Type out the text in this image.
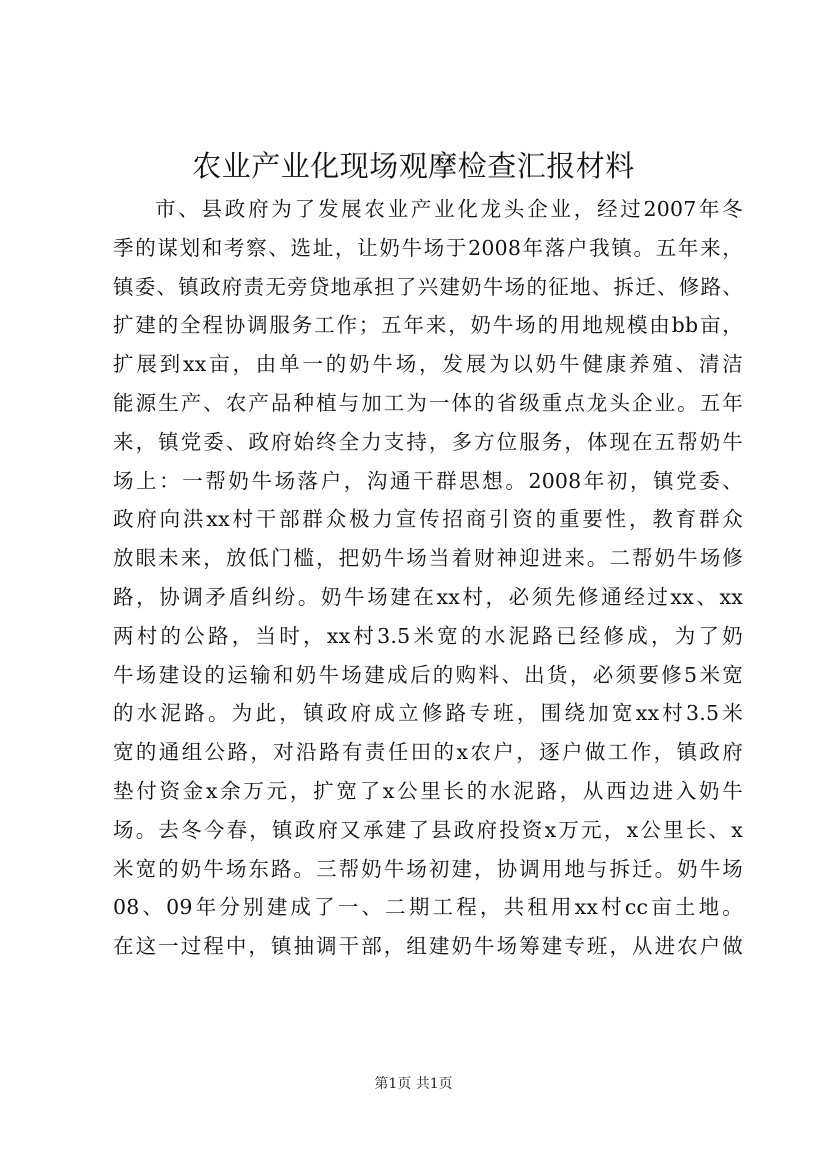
农业产业化现场观摩检查汇报材料
市、县政府为了发展农业产业化龙头企业，经过2007年冬
季的谋划和考察、选址，让奶牛场于2008年落户我镇。五年来，
镇委、镇政府责无旁贷地承担了兴建奶牛场的征地、拆迁、修路、
扩建的全程协调服务工作；五年来，奶牛场的用地规模由bb亩，
扩展到xx亩，由单一的奶牛场，发展为以奶牛健康养殖、清洁
能源生产、农产品种植与加工为一体的省级重点龙头企业。五年
来，镇党委、政府始终全力支持，多方位服务，体现在五帮奶牛
场上：一帮奶牛场落户，沟通干群思想。2008年初，镇党委、
政府向洪xx村干部群众极力宣传招商引资的重要性，教育群众
放眼未来，放低门槛，把奶牛场当着财神迎进来。二帮奶牛场修
路，协调矛盾纠纷。奶牛场建在xx村，必须先修通经过xx、xx
两村的公路，当时，xx村3.5米宽的水泥路已经修成，为了奶
牛场建设的运输和奶牛场建成后的购料、出货，必须要修5米宽
的水泥路。为此，镇政府成立修路专班，围绕加宽xx村3.5米
宽的通组公路，对沿路有责任田的x农户，逐户做工作，镇政府
垫付资金x余万元，扩宽了x公里长的水泥路，从西边进入奶牛
场。去冬今春，镇政府又承建了县政府投资x万元，x公里长、x
米宽的奶牛场东路。三帮奶牛场初建，协调用地与拆迁。奶牛场
08、09年分别建成了一、二期工程，共租用xx村cc亩土地。
在这一过程中，镇抽调干部，组建奶牛场筹建专班，从进农户做
第1页 共1页
